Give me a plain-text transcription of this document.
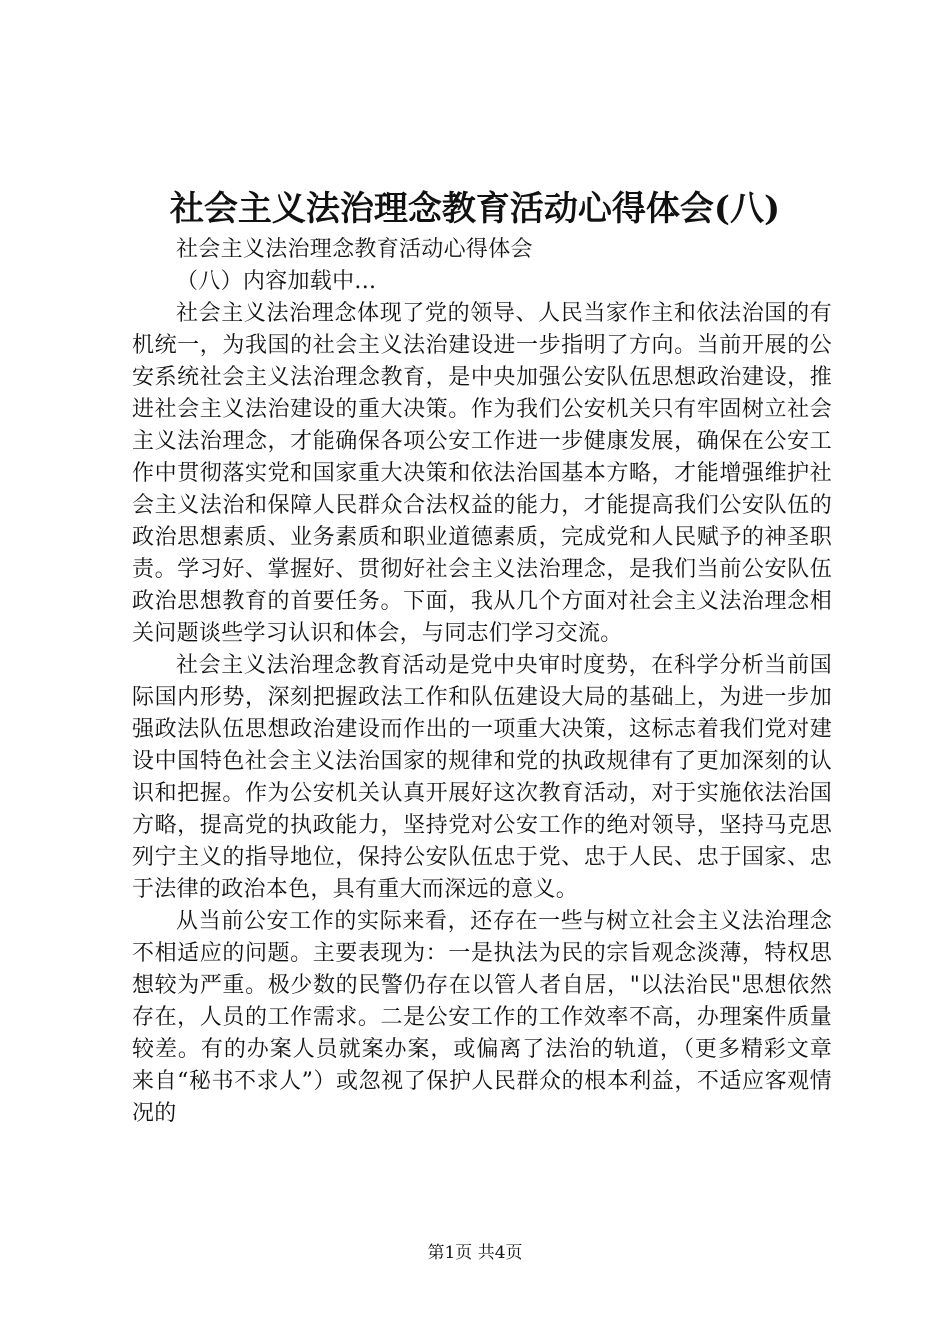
社会主义法治理念教育活动心得体会(八)

社会主义法治理念教育活动心得体会

（八）内容加载中...

社会主义法治理念体现了党的领导、人民当家作主和依法治国的有机统一，为我国的社会主义法治建设进一步指明了方向。当前开展的公安系统社会主义法治理念教育，是中央加强公安队伍思想政治建设，推进社会主义法治建设的重大决策。作为我们公安机关只有牢固树立社会主义法治理念，才能确保各项公安工作进一步健康发展，确保在公安工作中贯彻落实党和国家重大决策和依法治国基本方略，才能增强维护社会主义法治和保障人民群众合法权益的能力，才能提高我们公安队伍的政治思想素质、业务素质和职业道德素质，完成党和人民赋予的神圣职责。学习好、掌握好、贯彻好社会主义法治理念，是我们当前公安队伍政治思想教育的首要任务。下面，我从几个方面对社会主义法治理念相关问题谈些学习认识和体会，与同志们学习交流。

社会主义法治理念教育活动是党中央审时度势，在科学分析当前国际国内形势，深刻把握政法工作和队伍建设大局的基础上，为进一步加强政法队伍思想政治建设而作出的一项重大决策，这标志着我们党对建设中国特色社会主义法治国家的规律和党的执政规律有了更加深刻的认识和把握。作为公安机关认真开展好这次教育活动，对于实施依法治国方略，提高党的执政能力，坚持党对公安工作的绝对领导，坚持马克思列宁主义的指导地位，保持公安队伍忠于党、忠于人民、忠于国家、忠于法律的政治本色，具有重大而深远的意义。

从当前公安工作的实际来看，还存在一些与树立社会主义法治理念不相适应的问题。主要表现为：一是执法为民的宗旨观念淡薄，特权思想较为严重。极少数的民警仍存在以管人者自居，"以法治民"思想依然存在，人员的工作需求。二是公安工作的工作效率不高，办理案件质量较差。有的办案人员就案办案，或偏离了法治的轨道，（更多精彩文章来自“秘书不求人”）或忽视了保护人民群众的根本利益，不适应客观情况的

第1页 共4页
